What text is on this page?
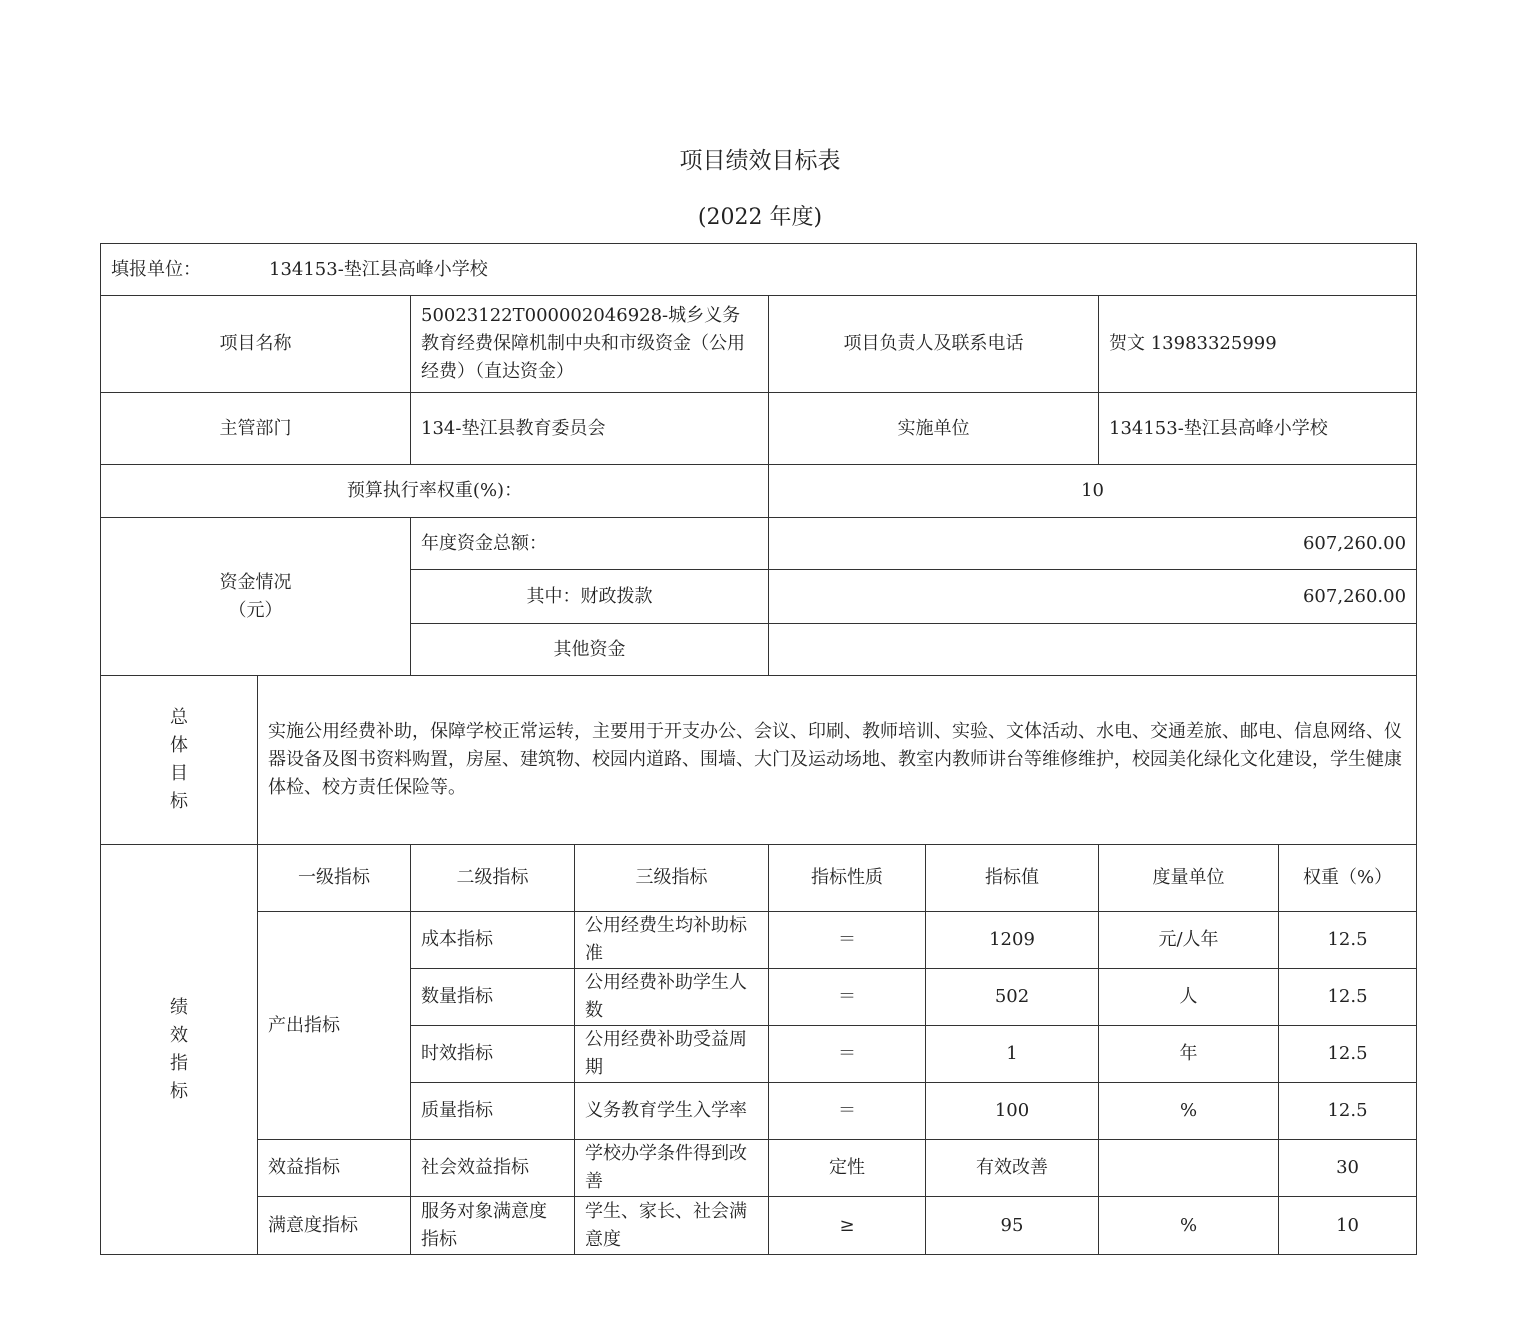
项目绩效目标表
(2022 年度)
填报单位： 134153-垫江县高峰小学校							
项目名称		50023122T000002046928-城乡义务教育经费保障机制中央和市级资金（公用经费）（直达资金）		项目负责人及联系电话		贺文 13983325999	
主管部门		134-垫江县教育委员会		实施单位		134153-垫江县高峰小学校	
预算执行率权重(%)：				10			

资金情况
（元）		年度资金总额：		607,260.00			
		其中：财政拨款		607,260.00			
		其他资金					

总
体
目
标	实施公用经费补助，保障学校正常运转，主要用于开支办公、会议、印刷、教师培训、实验、文体活动、水电、交通差旅、邮电、信息网络、仪器设备及图书资料购置，房屋、建筑物、校园内道路、围墙、大门及运动场地、教室内教师讲台等维修维护，校园美化绿化文化建设，学生健康体检、校方责任保险等。						

绩
效
指
标	一级指标	二级指标	三级指标	指标性质	指标值	度量单位	权重（%）
	产出指标	成本指标	公用经费生均补助标准	＝	1209	元/人年	12.5
		数量指标	公用经费补助学生人数	＝	502	人	12.5
		时效指标	公用经费补助受益周期	＝	1	年	12.5
		质量指标	义务教育学生入学率	＝	100	%	12.5
	效益指标	社会效益指标	学校办学条件得到改善	定性	有效改善		30
	满意度指标	服务对象满意度指标	学生、家长、社会满意度	≥	95	%	10
